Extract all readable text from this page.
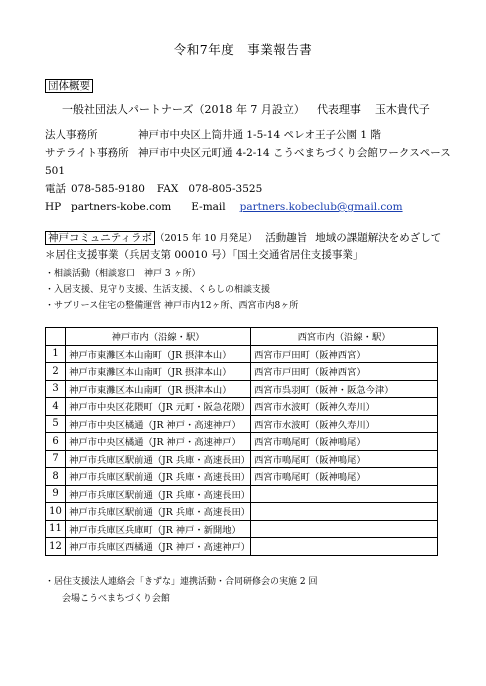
令和7年度　事業報告書
団体概要
一般社団法人パートナーズ（2018 年 7 月設立） 代表理事 玉木貴代子
法人事務所	神戸市中央区上筒井通 1-5-14 ペレオ王子公園 1 階
サテライト事務所 神戸市中央区元町通 4-2-14 こうべまちづくり会館ワークスペース
501
電話 078-585-9180 FAX 078-805-3525
HP partners-kobe.com E-mail partners.kobeclub@gmail.com
神戸コミュニティラボ （2015 年 10 月発足） 活動趣旨 地域の課題解決をめざして
＊居住支援事業（兵居支第 00010 号）「国土交通省居住支援事業」
・相談活動（相談窓口　神戸 3 ヶ所）
・入居支援、見守り支援、生活支援、くらしの相談支援
・サブリース住宅の整備運営 神戸市内12ヶ所、西宮市内8ヶ所
	神戸市内（沿線・駅）	西宮市内（沿線・駅）
1	神戸市東灘区本山南町（JR 摂津本山）	西宮市戸田町（阪神西宮）
2	神戸市東灘区本山南町（JR 摂津本山）	西宮市戸田町（阪神西宮）
3	神戸市東灘区本山南町（JR 摂津本山）	西宮市呉羽町（阪神・阪急今津）
4	神戸市中央区花隈町（JR 元町・阪急花隈）	西宮市水波町（阪神久寿川）
5	神戸市中央区橘通（JR 神戸・高速神戸）	西宮市水波町（阪神久寿川）
6	神戸市中央区橘通（JR 神戸・高速神戸）	西宮市鳴尾町（阪神鳴尾）
7	神戸市兵庫区駅前通（JR 兵庫・高速長田）	西宮市鳴尾町（阪神鳴尾）
8	神戸市兵庫区駅前通（JR 兵庫・高速長田）	西宮市鳴尾町（阪神鳴尾）
9	神戸市兵庫区駅前通（JR 兵庫・高速長田）	
10	神戸市兵庫区駅前通（JR 兵庫・高速長田）	
11	神戸市兵庫区兵庫町（JR 神戸・新開地）	
12	神戸市兵庫区西橘通（JR 神戸・高速神戸）	
・居住支援法人連絡会「きずな」連携活動・合同研修会の実施 2 回
会場こうべまちづくり会館
